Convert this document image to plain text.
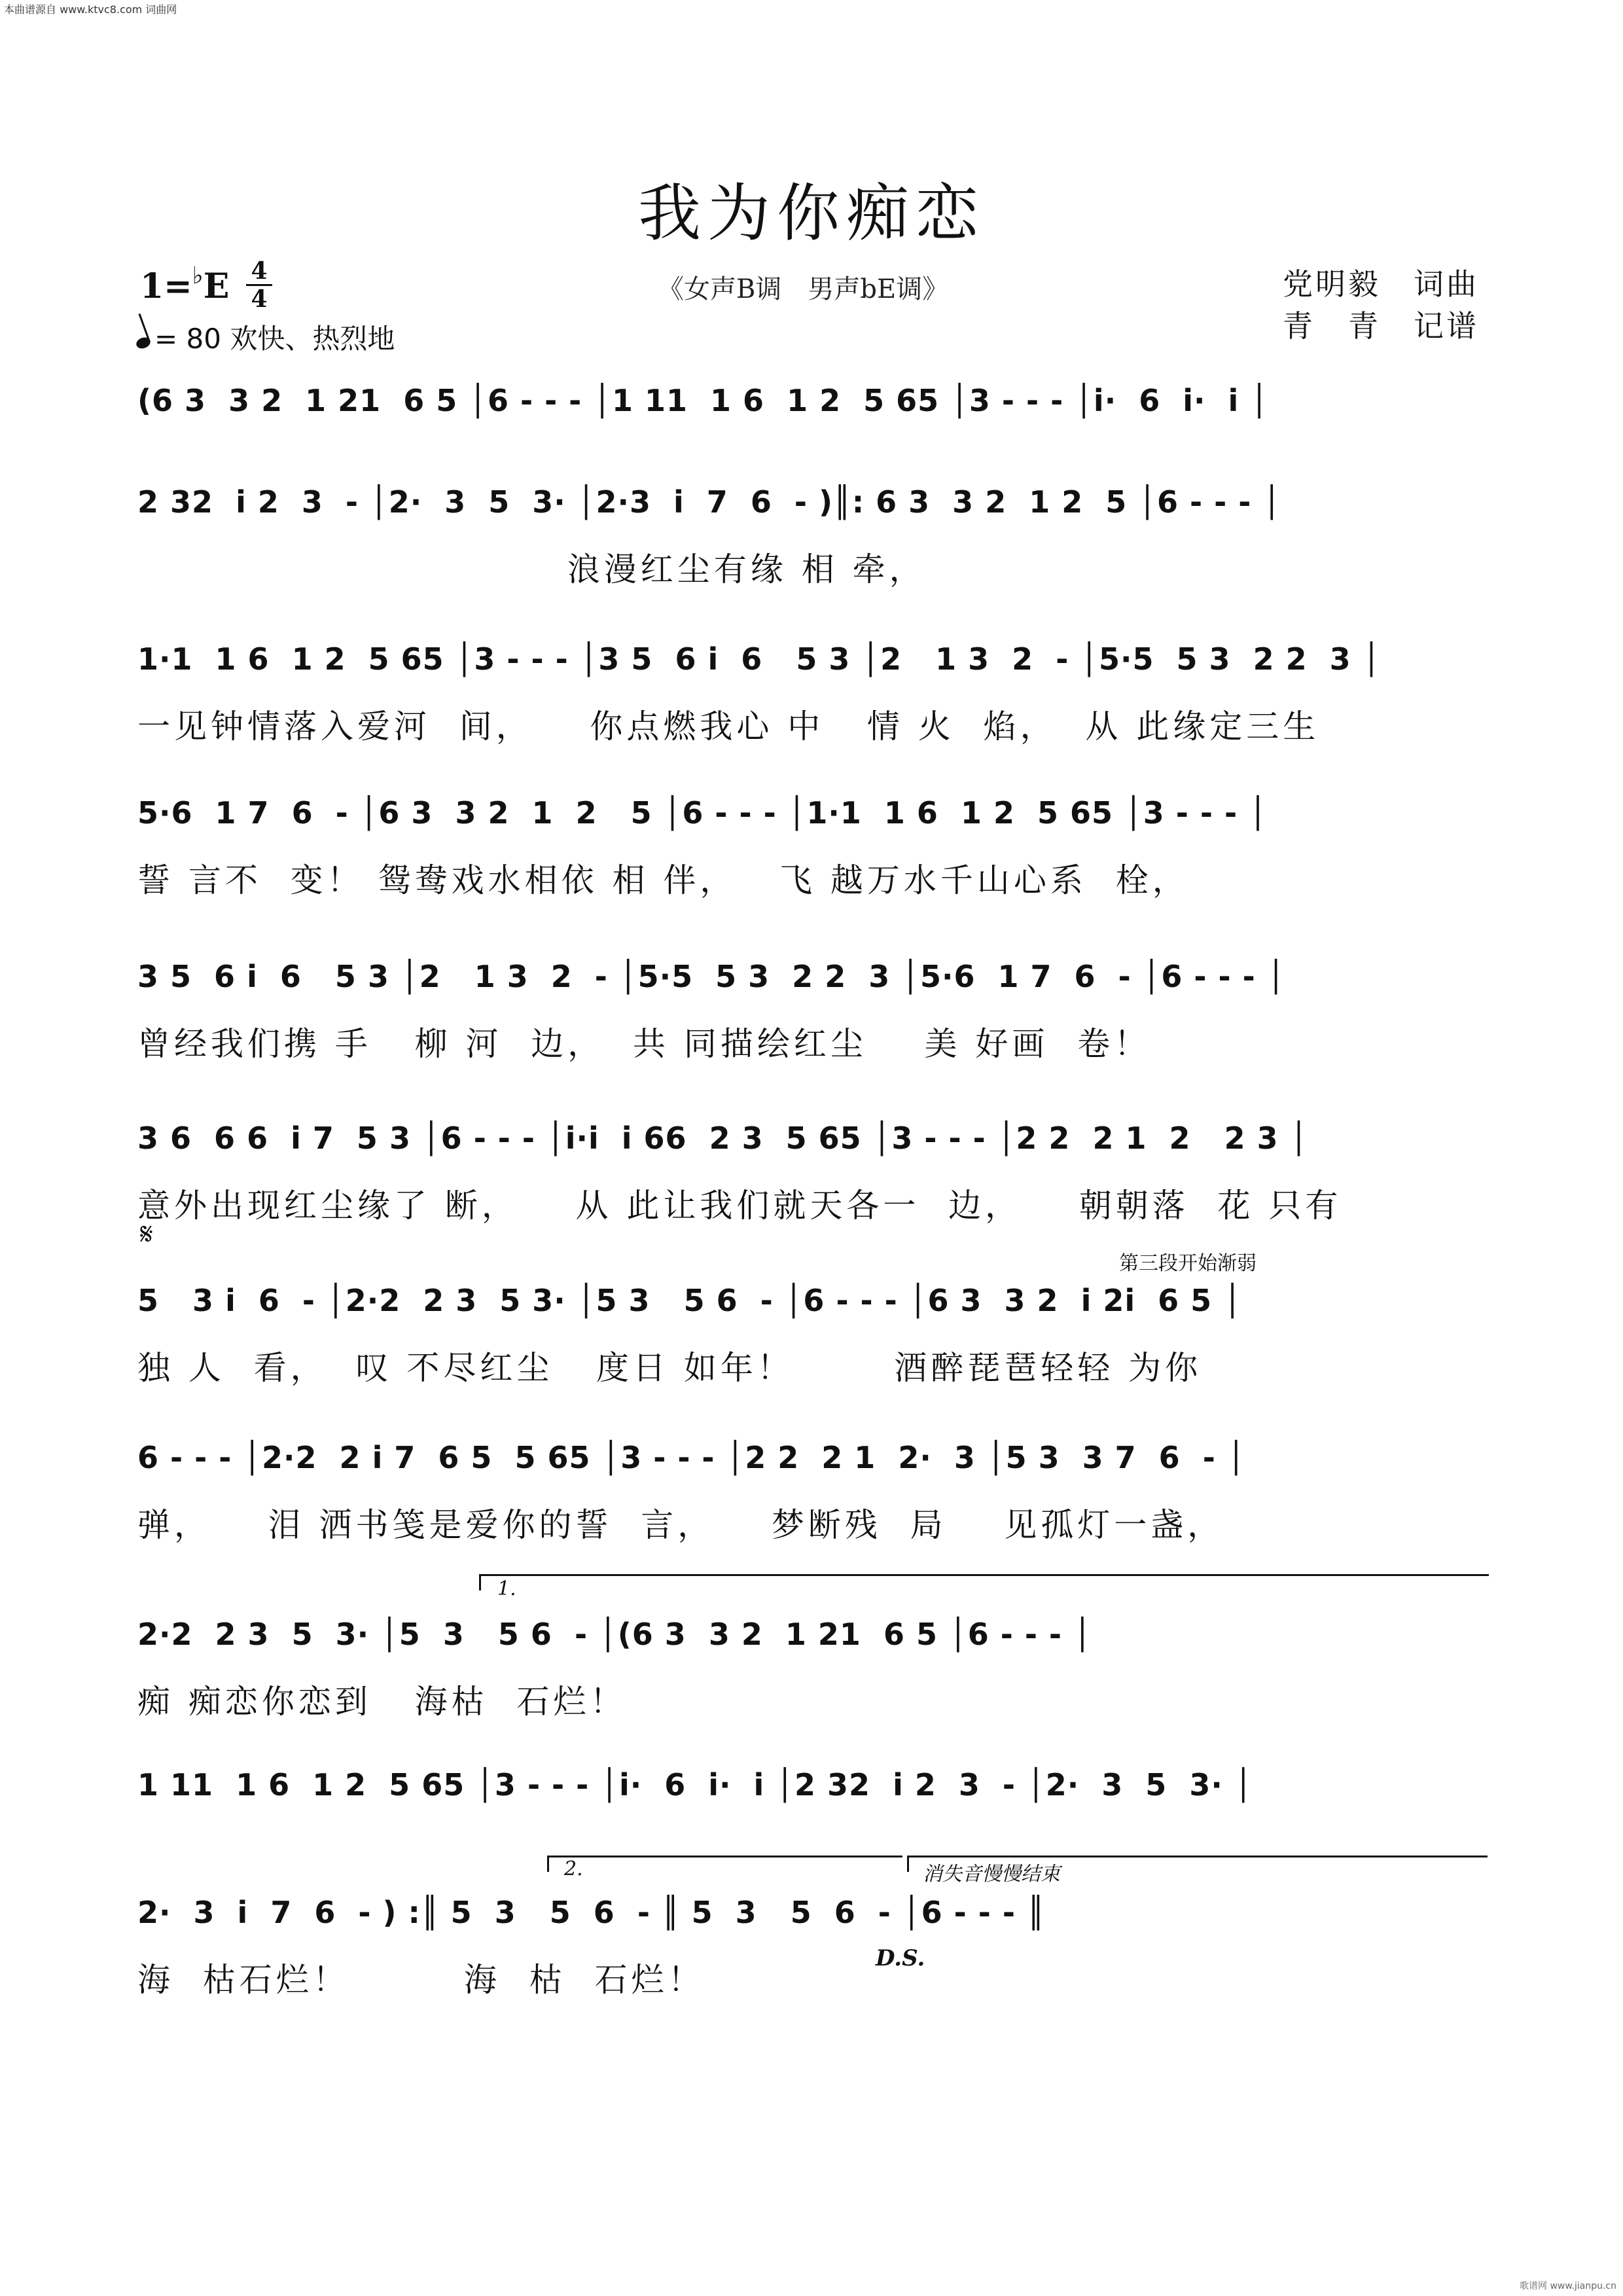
本曲谱源自 www.ktvc8.com 词曲网
我为你痴恋
1=♭E 4
4
= 80 欢快、热烈地
《女声B调　男声bE调》	党明毅　词曲
青　青　记谱
(6 3  3 2  1 21  6 5 │6 - - - │1 11  1 6  1 2  5 65 │3 - - - │i·  6  i·  i │
2 32  i 2  3  - │2·  3  5  3· │2·3  i  7  6  - )║: 6 3  3 2  1 2  5 │6 - - - │
浪漫红尘有缘 相 牵，
1·1  1 6  1 2  5 65 │3 - - - │3 5  6 i  6   5 3 │2   1 3  2  - │5·5  5 3  2 2  3 │
一见钟情落入爱河  间，    你点燃我心 中   情 火  焰，  从 此缘定三生
5·6  1 7  6  - │6 3  3 2  1  2   5 │6 - - - │1·1  1 6  1 2  5 65 │3 - - - │
誓 言不  变！ 鸳鸯戏水相依 相 伴，   飞 越万水千山心系  栓，
3 5  6 i  6   5 3 │2   1 3  2  - │5·5  5 3  2 2  3 │5·6  1 7  6  - │6 - - - │
曾经我们携 手   柳 河  边，  共 同描绘红尘    美 好画  卷！
3 6  6 6  i 7  5 3 │6 - - - │i·i  i 66  2 3  5 65 │3 - - - │2 2  2 1  2   2 3 │
意外出现红尘缘了 断，    从 此让我们就天各一  边，    朝朝落  花 只有
𝄋
第三段开始渐弱
5   3 i  6  - │2·2  2 3  5 3· │5 3   5 6  - │6 - - - │6 3  3 2  i 2i  6 5 │
独 人  看，  叹 不尽红尘   度日 如年！       酒醉琵琶轻轻 为你
6 - - - │2·2  2 i 7  6 5  5 65 │3 - - - │2 2  2 1  2·  3 │5 3  3 7  6  - │
弹，    泪 洒书笺是爱你的誓  言，    梦断残  局    见孤灯一盏，
1.
2·2  2 3  5  3· │5  3   5 6  - │(6 3  3 2  1 21  6 5 │6 - - - │
痴 痴恋你恋到   海枯  石烂！
1 11  1 6  1 2  5 65 │3 - - - │i·  6  i·  i │2 32  i 2  3  - │2·  3  5  3· │
2.	消失音慢慢结束
2·  3  i  7  6  - ) :║ 5  3   5  6  - ║ 5  3   5  6  - │6 - - - ║
海  枯石烂！        海  枯  石烂！
D.S.
歌谱网 www.jianpu.cn
